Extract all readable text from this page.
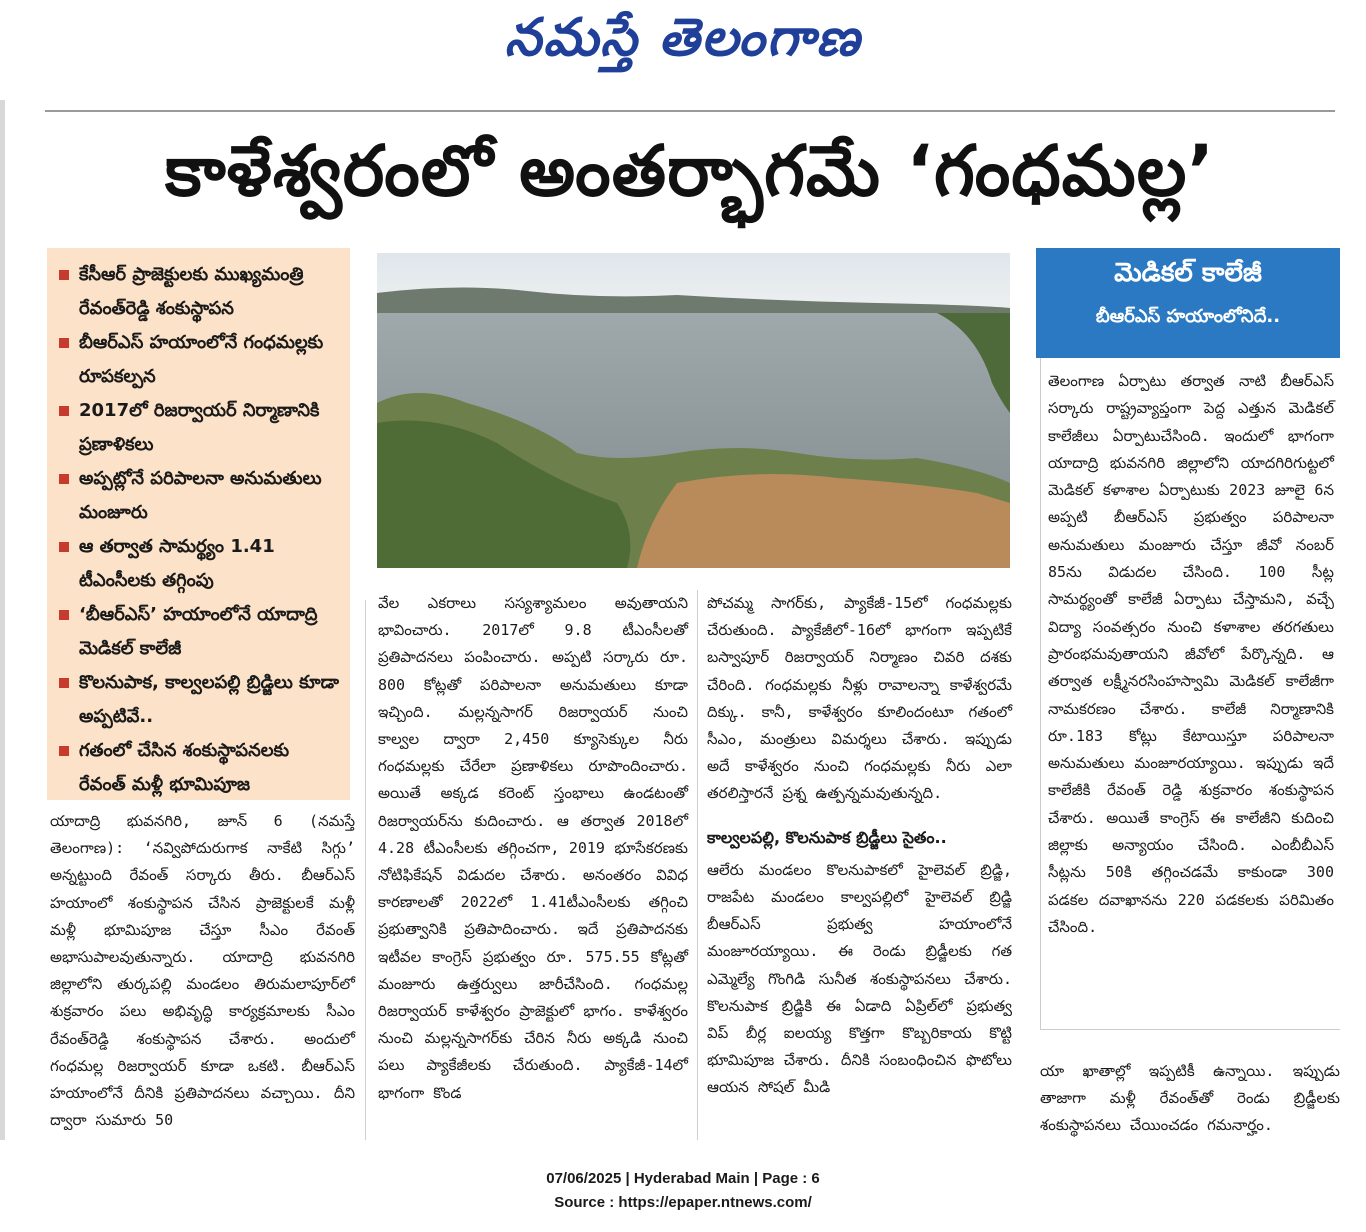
నమస్తే తెలంగాణ
కాళేశ్వరంలో అంతర్భాగమే ‘గంధమల్ల’
కేసీఆర్ ప్రాజెక్టులకు ముఖ్యమంత్రి రేవంత్‌రెడ్డి శంకుస్థాపన
బీఆర్ఎస్ హయాంలోనే గంధమల్లకు రూపకల్పన
2017లో రిజర్వాయర్ నిర్మాణానికి ప్రణాళికలు
అప్పట్లోనే పరిపాలనా అనుమతులు మంజూరు
ఆ తర్వాత సామర్థ్యం 1.41 టీఎంసీలకు తగ్గింపు
‘బీఆర్ఎస్’ హయాంలోనే యాదాద్రి మెడికల్ కాలేజీ
కొలనుపాక, కాల్వలపల్లి బ్రిడ్జిలు కూడా అప్పటివే..
గతంలో చేసిన శంకుస్థాపనలకు రేవంత్ మళ్లీ భూమిపూజ

యాదాద్రి భువనగిరి, జూన్ 6 (నమస్తే తెలంగాణ): ‘నవ్విపోదురుగాక నాకేటి సిగ్గు’ అన్నట్టుంది రేవంత్ సర్కారు తీరు. బీఆర్ఎస్ హయాంలో శంకుస్థాపన చేసిన ప్రాజెక్టులకే మళ్లీ మళ్లీ భూమిపూజ చేస్తూ సీఎం రేవంత్ అభాసుపాలవుతున్నారు. యాదాద్రి భువనగిరి జిల్లాలోని తుర్కపల్లి మండలం తిరుమలాపూర్‌లో శుక్రవారం పలు అభివృద్ధి కార్యక్రమాలకు సీఎం రేవంత్‌రెడ్డి శంకుస్థాపన చేశారు. అందులో గంధమల్ల రిజర్వాయర్ కూడా ఒకటి. బీఆర్ఎస్ హయాంలోనే దీనికి ప్రతిపాదనలు వచ్చాయి. దీని ద్వారా సుమారు 50

వేల ఎకరాలు సస్యశ్యామలం అవుతాయని భావించారు. 2017లో 9.8 టీఎంసీలతో ప్రతిపాదనలు పంపించారు. అప్పటి సర్కారు రూ. 800 కోట్లతో పరిపాలనా అనుమతులు కూడా ఇచ్చింది. మల్లన్నసాగర్ రిజర్వాయర్ నుంచి కాల్వల ద్వారా 2,450 క్యూసెక్కుల నీరు గంధమల్లకు చేరేలా ప్రణాళికలు రూపొందించారు. అయితే అక్కడ కరెంట్ స్తంభాలు ఉండటంతో రిజర్వాయర్‌ను కుదించారు. ఆ తర్వాత 2018లో 4.28 టీఎంసీలకు తగ్గించగా, 2019 భూసేకరణకు నోటిఫికేషన్ విడుదల చేశారు. అనంతరం వివిధ కారణాలతో 2022లో 1.41టీఎంసీలకు తగ్గించి ప్రభుత్వానికి ప్రతిపాదించారు. ఇదే ప్రతిపాదనకు ఇటీవల కాంగ్రెస్ ప్రభుత్వం రూ. 575.55 కోట్లతో మంజూరు ఉత్తర్వులు జారీచేసింది. గంధమల్ల రిజర్వాయర్ కాళేశ్వరం ప్రాజెక్టులో భాగం. కాళేశ్వరం నుంచి మల్లన్నసాగర్‌కు చేరిన నీరు అక్కడి నుంచి పలు ప్యాకేజీలకు చేరుతుంది. ప్యాకేజీ-14లో భాగంగా కొండ

పోచమ్మ సాగర్‌కు, ప్యాకేజీ-15లో గంధమల్లకు చేరుతుంది. ప్యాకేజీలో-16లో భాగంగా ఇప్పటికే బస్వాపూర్ రిజర్వాయర్ నిర్మాణం చివరి దశకు చేరింది. గంధమల్లకు నీళ్లు రావాలన్నా కాళేశ్వరమే దిక్కు. కానీ, కాళేశ్వరం కూలిందంటూ గతంలో సీఎం, మంత్రులు విమర్శలు చేశారు. ఇప్పుడు అదే కాళేశ్వరం నుంచి గంధమల్లకు నీరు ఎలా తరలిస్తారనే ప్రశ్న ఉత్పన్నమవుతున్నది.

కాల్వలపల్లి, కొలనుపాక బ్రిడ్జీలు సైతం..

ఆలేరు మండలం కొలనుపాకలో హైలెవల్ బ్రిడ్జి, రాజపేట మండలం కాల్వపల్లిలో హైలెవల్ బ్రిడ్జి బీఆర్ఎస్ ప్రభుత్వ హయాంలోనే మంజూరయ్యాయి. ఈ రెండు బ్రిడ్జీలకు గత ఎమ్మెల్యే గొంగిడి సునీత శంకుస్థాపనలు చేశారు. కొలనుపాక బ్రిడ్జికి ఈ ఏడాది ఏప్రిల్‌లో ప్రభుత్వ విప్ బీర్ల ఐలయ్య కొత్తగా కొబ్బరికాయ కొట్టి భూమిపూజ చేశారు. దీనికి సంబంధించిన ఫొటోలు ఆయన సోషల్ మీడి

మెడికల్ కాలేజీ
బీఆర్ఎస్ హయాంలోనిదే..
తెలంగాణ ఏర్పాటు తర్వాత నాటి బీఆర్ఎస్ సర్కారు రాష్ట్రవ్యాప్తంగా పెద్ద ఎత్తున మెడికల్ కాలేజీలు ఏర్పాటుచేసింది. ఇందులో భాగంగా యాదాద్రి భువనగిరి జిల్లాలోని యాదగిరిగుట్టలో మెడికల్ కళాశాల ఏర్పాటుకు 2023 జూలై 6న అప్పటి బీఆర్ఎస్ ప్రభుత్వం పరిపాలనా అనుమతులు మంజూరు చేస్తూ జీవో నంబర్ 85ను విడుదల చేసింది. 100 సీట్ల సామర్థ్యంతో కాలేజీ ఏర్పాటు చేస్తామని, వచ్చే విద్యా సంవత్సరం నుంచి కళాశాల తరగతులు ప్రారంభమవుతాయని జీవోలో పేర్కొన్నది. ఆ తర్వాత లక్ష్మీనరసింహస్వామి మెడికల్ కాలేజీగా నామకరణం చేశారు. కాలేజీ నిర్మాణానికి రూ.183 కోట్లు కేటాయిస్తూ పరిపాలనా అనుమతులు మంజూరయ్యాయి. ఇప్పుడు ఇదే కాలేజీకి రేవంత్ రెడ్డి శుక్రవారం శంకుస్థాపన చేశారు. అయితే కాంగ్రెస్ ఈ కాలేజీని కుదించి జిల్లాకు అన్యాయం చేసింది. ఎంబీబీఎస్ సీట్లను 50కి తగ్గించడమే కాకుండా 300 పడకల దవాఖానను 220 పడకలకు పరిమితం చేసింది.

యా ఖాతాల్లో ఇప్పటికీ ఉన్నాయి. ఇప్పుడు తాజాగా మళ్లీ రేవంత్‌తో రెండు బ్రిడ్జీలకు శంకుస్థాపనలు చేయించడం గమనార్హం.

07/06/2025 | Hyderabad Main | Page : 6
Source : https://epaper.ntnews.com/
